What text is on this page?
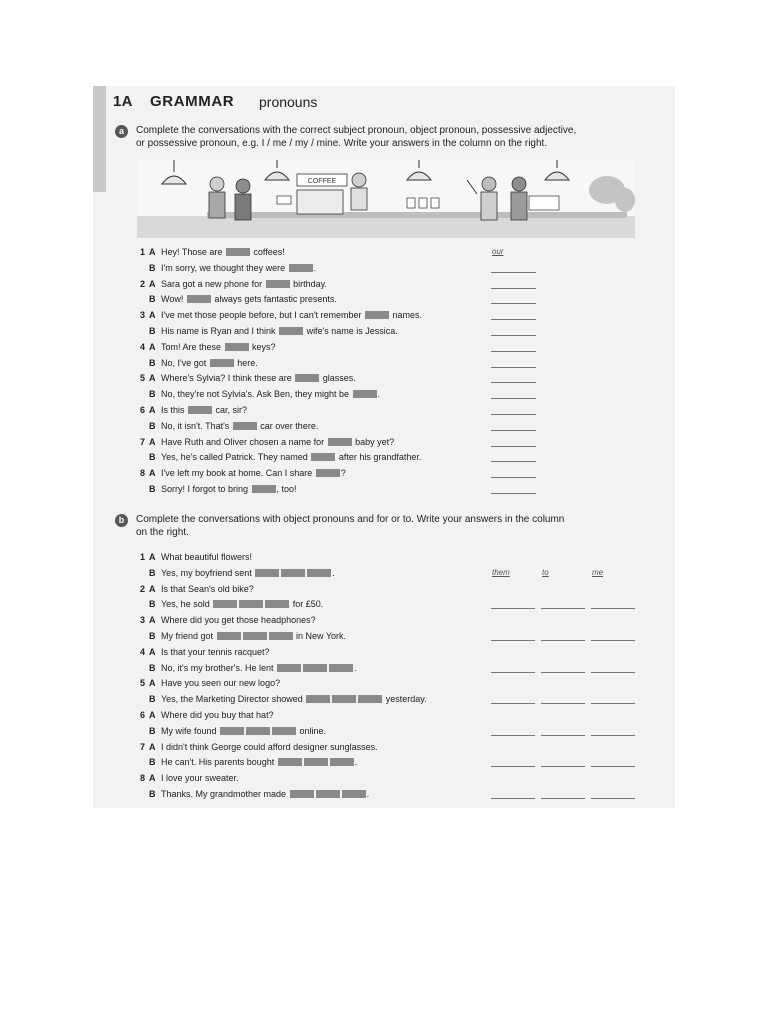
1A GRAMMAR pronouns
a	Complete the conversations with the correct subject pronoun, object pronoun, possessive adjective,
or possessive pronoun, e.g. I / me / my / mine. Write your answers in the column on the right.
COFFEE
1 A Hey! Those are	coffees!	our
B I'm sorry, we thought they were	.
2 A Sara got a new phone for	birthday.
B Wow!	always gets fantastic presents.
3 A I've met those people before, but I can't remember	names.
B His name is Ryan and I think	wife's name is Jessica.
4 A Tom! Are these	keys?
B No, I've got	here.
5 A Where's Sylvia? I think these are	glasses.
B No, they're not Sylvia's. Ask Ben, they might be	.
6 A Is this	car, sir?
B No, it isn't. That's	car over there.
7 A Have Ruth and Oliver chosen a name for	baby yet?
B Yes, he's called Patrick. They named	after his grandfather.
8 A I've left my book at home. Can I share	?
B Sorry! I forgot to bring	, too!
b	Complete the conversations with object pronouns and for or to. Write your answers in the column
on the right.
1 A What beautiful flowers!
B Yes, my boyfriend sent	.	them	to	me
2 A Is that Sean's old bike?
B Yes, he sold	for £50.
3 A Where did you get those headphones?
B My friend got	in New York.
4 A Is that your tennis racquet?
B No, it's my brother's. He lent	.
5 A Have you seen our new logo?
B Yes, the Marketing Director showed	yesterday.
6 A Where did you buy that hat?
B My wife found	online.
7 A I didn't think George could afford designer sunglasses.
B He can't. His parents bought	.
8 A I love your sweater.
B Thanks. My grandmother made	.
